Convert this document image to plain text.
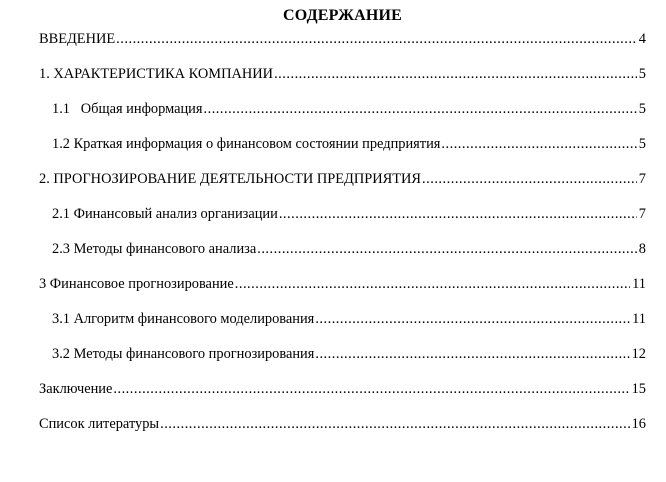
СОДЕРЖАНИЕ
ВВЕДЕНИЕ .....	4
1. ХАРАКТЕРИСТИКА КОМПАНИИ .....	5
1.1   Общая информация .....	5
1.2 Краткая информация о финансовом состоянии предприятия .....	5
2. ПРОГНОЗИРОВАНИЕ ДЕЯТЕЛЬНОСТИ ПРЕДПРИЯТИЯ .....	7
2.1 Финансовый анализ организации .....	7
2.3 Методы финансового анализа .....	8
3 Финансовое прогнозирование .....	11
3.1 Алгоритм финансового моделирования .....	11
3.2 Методы финансового прогнозирования .....	12
Заключение .....	15
Список литературы .....	16
